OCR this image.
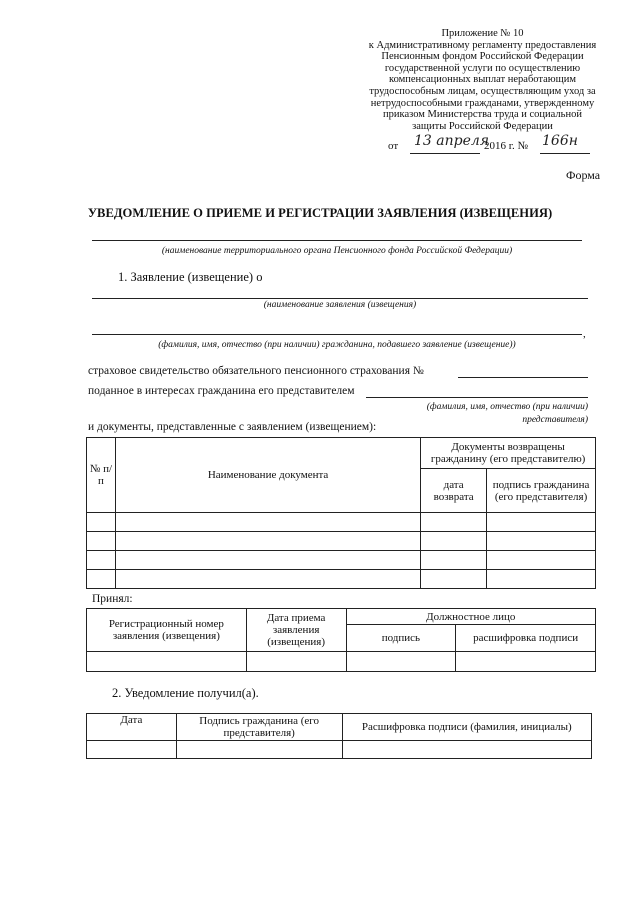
Приложение № 10
к Административному регламенту предоставления
Пенсионным фондом Российской Федерации
государственной услуги по осуществлению
компенсационных выплат неработающим
трудоспособным лицам, осуществляющим уход за
нетрудоспособными гражданами, утвержденному
приказом Министерства труда и социальной
защиты Российской Федерации
от 13 апреля
2016 г. № 166н
Форма
УВЕДОМЛЕНИЕ О ПРИЕМЕ И РЕГИСТРАЦИИ ЗАЯВЛЕНИЯ (ИЗВЕЩЕНИЯ)
(наименование территориального органа Пенсионного фонда Российской Федерации)
1. Заявление (извещение) о
(наименование заявления (извещения)
,
(фамилия, имя, отчество (при наличии) гражданина, подавшего заявление (извещение))
страховое свидетельство обязательного пенсионного страхования №
поданное в интересах гражданина его представителем
(фамилия, имя, отчество (при наличии)
представителя)
и документы, представленные с заявлением (извещением):
№ п/п	Наименование документа	Документы возвращены гражданину (его представителю)	
		дата возврата	подпись гражданина (его представителя)

Принял:
Регистрационный номер заявления (извещения)	Дата приема заявления (извещения)	Должностное лицо	
		подпись	расшифровка подписи

2. Уведомление получил(а).
Дата	Подпись гражданина (его представителя)	Расшифровка подписи (фамилия, инициалы)
